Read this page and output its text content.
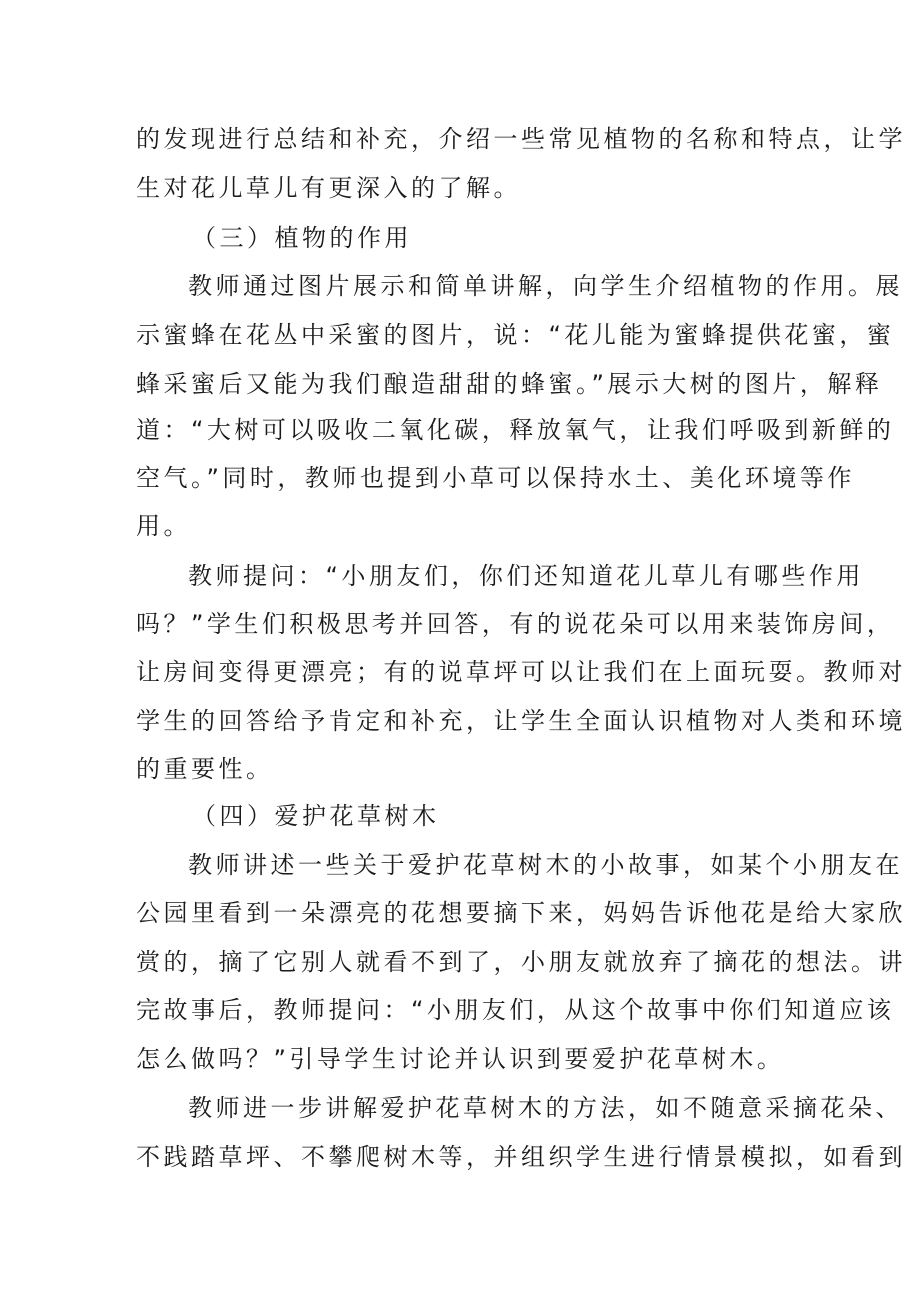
的发现进行总结和补充，介绍一些常见植物的名称和特点，让学
生对花儿草儿有更深入的了解。
（三）植物的作用
教师通过图片展示和简单讲解，向学生介绍植物的作用。展
示蜜蜂在花丛中采蜜的图片，说：“花儿能为蜜蜂提供花蜜，蜜
蜂采蜜后又能为我们酿造甜甜的蜂蜜。”展示大树的图片，解释
道：“大树可以吸收二氧化碳，释放氧气，让我们呼吸到新鲜的
空气。”同时，教师也提到小草可以保持水土、美化环境等作
用。
教师提问：“小朋友们，你们还知道花儿草儿有哪些作用
吗？”学生们积极思考并回答，有的说花朵可以用来装饰房间，
让房间变得更漂亮；有的说草坪可以让我们在上面玩耍。教师对
学生的回答给予肯定和补充，让学生全面认识植物对人类和环境
的重要性。
（四）爱护花草树木
教师讲述一些关于爱护花草树木的小故事，如某个小朋友在
公园里看到一朵漂亮的花想要摘下来，妈妈告诉他花是给大家欣
赏的，摘了它别人就看不到了，小朋友就放弃了摘花的想法。讲
完故事后，教师提问：“小朋友们，从这个故事中你们知道应该
怎么做吗？”引导学生讨论并认识到要爱护花草树木。
教师进一步讲解爱护花草树木的方法，如不随意采摘花朵、
不践踏草坪、不攀爬树木等，并组织学生进行情景模拟，如看到
